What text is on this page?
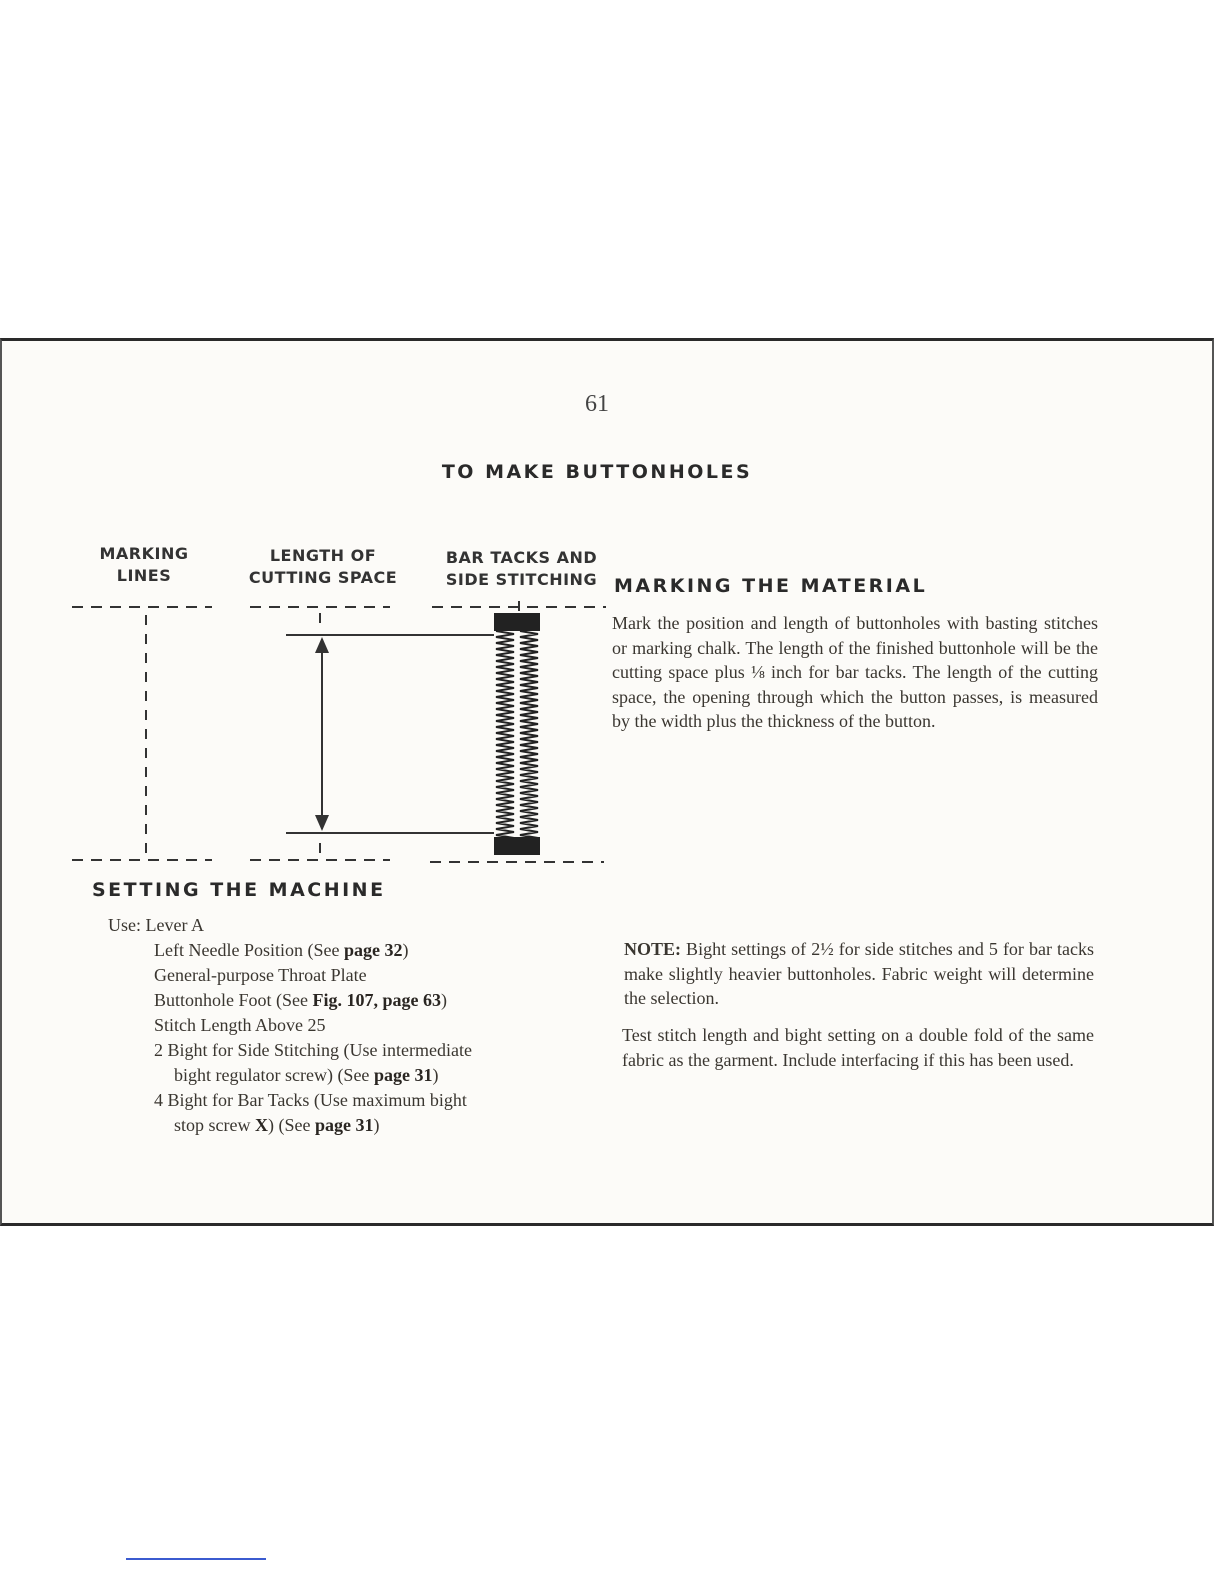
61
TO MAKE BUTTONHOLES
MARKING
LINES
LENGTH OF
CUTTING SPACE
BAR TACKS AND
SIDE STITCHING MARKING THE MATERIAL
Mark the position and length of buttonholes with basting stitches or marking chalk. The length of the finished buttonhole will be the cutting space plus ⅛ inch for bar tacks. The length of the cutting space, the opening through which the button passes, is measured by the width plus the thickness of the button.
SETTING THE MACHINE
Use: Lever A
Left Needle Position (See page 32)
General-purpose Throat Plate
Buttonhole Foot (See Fig. 107, page 63)
Stitch Length Above 25
2 Bight for Side Stitching (Use intermediate
bight regulator screw) (See page 31)
4 Bight for Bar Tacks (Use maximum bight
stop screw X) (See page 31)
NOTE: Bight settings of 2½ for side stitches and 5 for bar tacks make slightly heavier buttonholes. Fabric weight will determine the selection.
Test stitch length and bight setting on a double fold of the same fabric as the garment. Include interfacing if this has been used.
